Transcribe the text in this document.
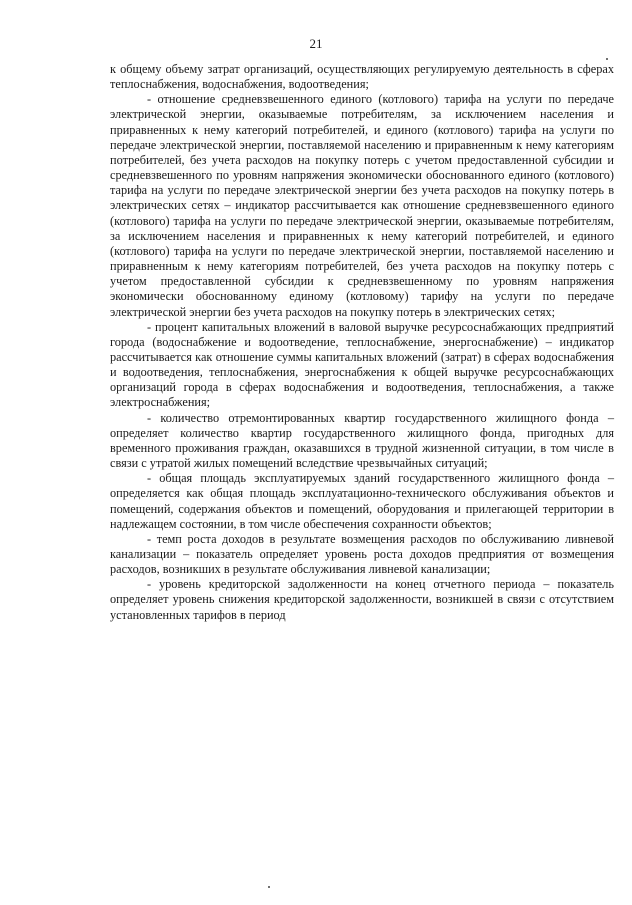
21

к общему объему затрат организаций, осуществляющих регулируемую деятельность в сферах теплоснабжения, водоснабжения, водоотведения;

- отношение средневзвешенного единого (котлового) тарифа на услуги по передаче электрической энергии, оказываемые потребителям, за исключением населения и приравненных к нему категорий потребителей, и единого (котлового) тарифа на услуги по передаче электрической энергии, поставляемой населению и приравненным к нему категориям потребителей, без учета расходов на покупку потерь с учетом предоставленной субсидии и средневзвешенного по уровням напряжения экономически обоснованного единого (котлового) тарифа на услуги по передаче электрической энергии без учета расходов на покупку потерь в электрических сетях – индикатор рассчитывается как отношение средневзвешенного единого (котлового) тарифа на услуги по передаче электрической энергии, оказываемые потребителям, за исключением населения и приравненных к нему категорий потребителей, и единого (котлового) тарифа на услуги по передаче электрической энергии, поставляемой населению и приравненным к нему категориям потребителей, без учета расходов на покупку потерь с учетом предоставленной субсидии к средневзвешенному по уровням напряжения экономически обоснованному единому (котловому) тарифу на услуги по передаче электрической энергии без учета расходов на покупку потерь в электрических сетях;

- процент капитальных вложений в валовой выручке ресурсоснабжающих предприятий города (водоснабжение и водоотведение, теплоснабжение, энергоснабжение) – индикатор рассчитывается как отношение суммы капитальных вложений (затрат) в сферах водоснабжения и водоотведения, теплоснабжения, энергоснабжения к общей выручке ресурсоснабжающих организаций города в сферах водоснабжения и водоотведения, теплоснабжения, а также электроснабжения;

- количество отремонтированных квартир государственного жилищного фонда – определяет количество квартир государственного жилищного фонда, пригодных для временного проживания граждан, оказавшихся в трудной жизненной ситуации, в том числе в связи с утратой жилых помещений вследствие чрезвычайных ситуаций;

- общая площадь эксплуатируемых зданий государственного жилищного фонда – определяется как общая площадь эксплуатационно-технического обслуживания объектов и помещений, содержания объектов и помещений, оборудования и прилегающей территории в надлежащем состоянии, в том числе обеспечения сохранности объектов;

- темп роста доходов в результате возмещения расходов по обслуживанию ливневой канализации – показатель определяет уровень роста доходов предприятия от возмещения расходов, возникших в результате обслуживания ливневой канализации;

- уровень кредиторской задолженности на конец отчетного периода – показатель определяет уровень снижения кредиторской задолженности, возникшей в связи с отсутствием установленных тарифов в период
